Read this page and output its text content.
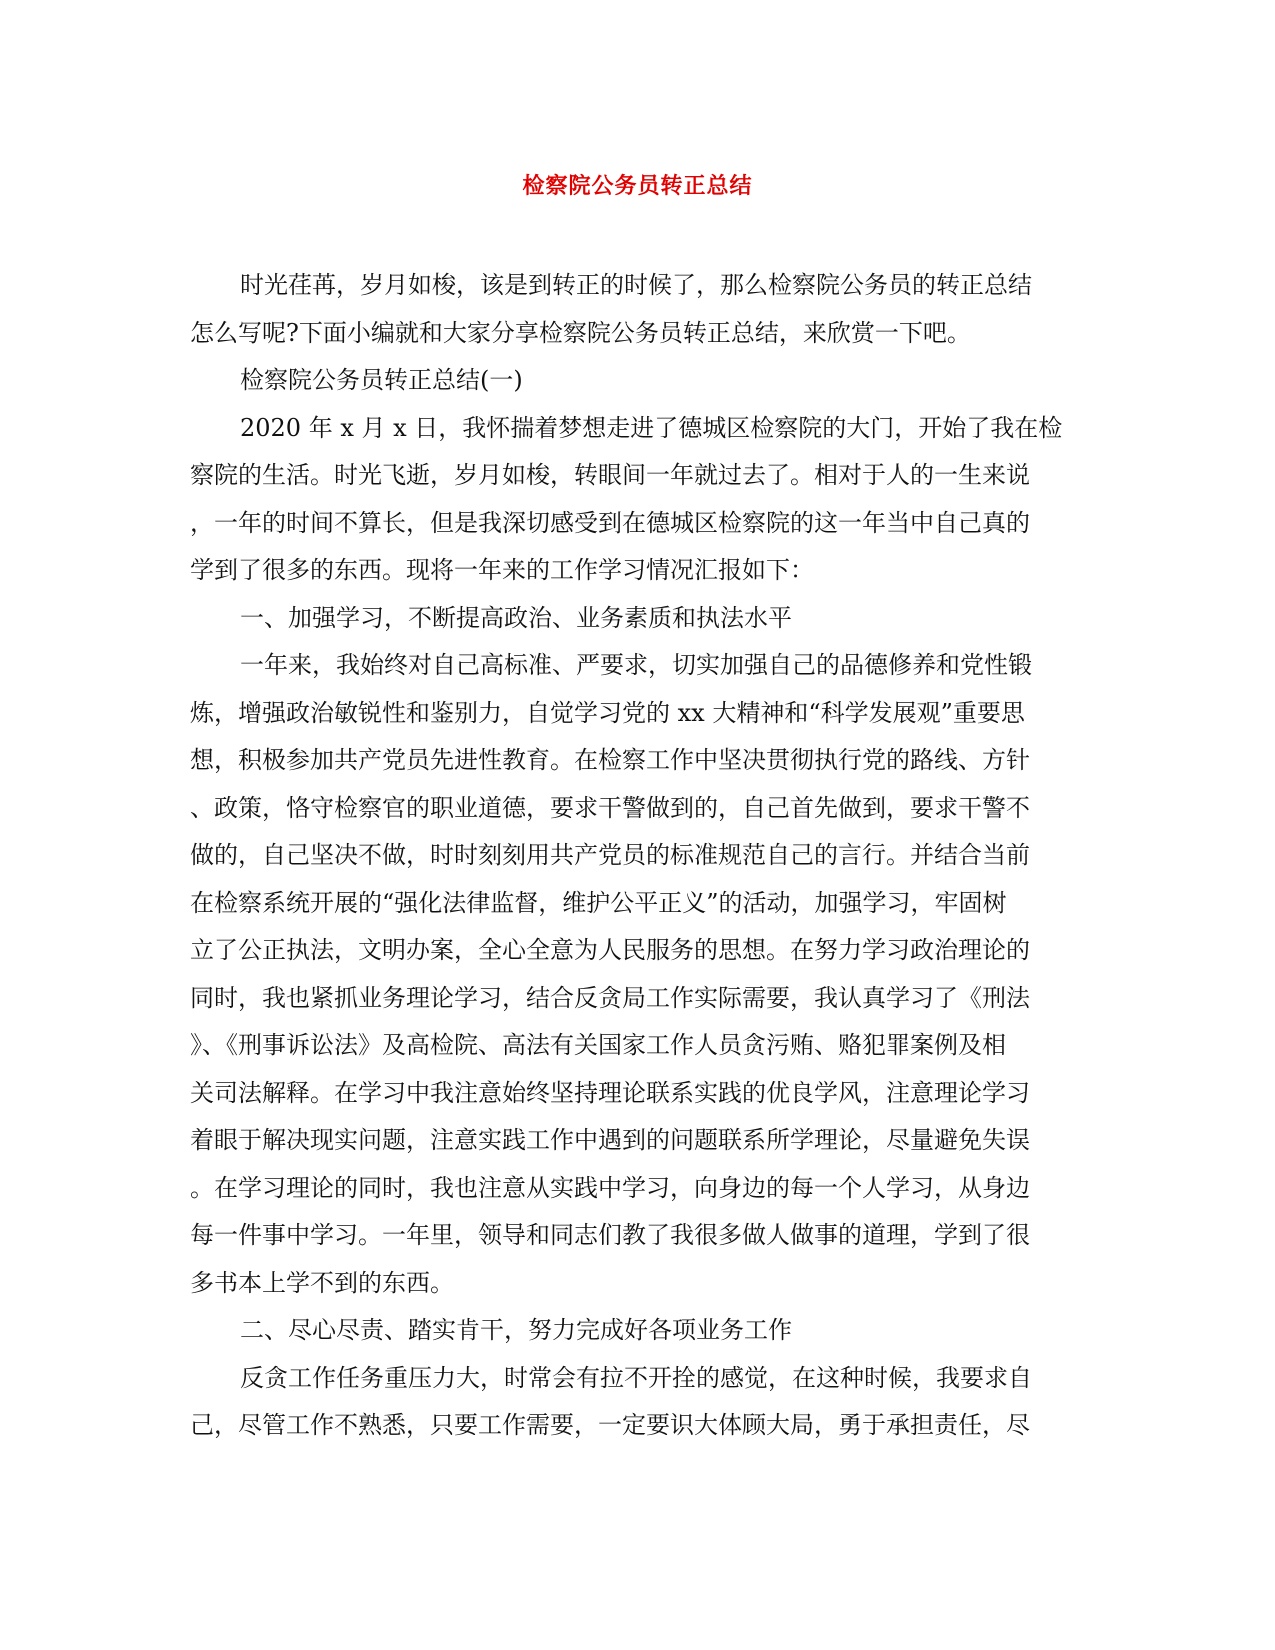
检察院公务员转正总结
时光荏苒，岁月如梭，该是到转正的时候了，那么检察院公务员的转正总结
怎么写呢?下面小编就和大家分享检察院公务员转正总结，来欣赏一下吧。
检察院公务员转正总结(一)
2020 年 x 月 x 日，我怀揣着梦想走进了德城区检察院的大门，开始了我在检
察院的生活。时光飞逝，岁月如梭，转眼间一年就过去了。相对于人的一生来说
，一年的时间不算长，但是我深切感受到在德城区检察院的这一年当中自己真的
学到了很多的东西。现将一年来的工作学习情况汇报如下：
一、加强学习，不断提高政治、业务素质和执法水平
一年来，我始终对自己高标准、严要求，切实加强自己的品德修养和党性锻
炼，增强政治敏锐性和鉴别力，自觉学习党的 xx 大精神和“科学发展观”重要思
想，积极参加共产党员先进性教育。在检察工作中坚决贯彻执行党的路线、方针
、政策，恪守检察官的职业道德，要求干警做到的，自己首先做到，要求干警不
做的，自己坚决不做，时时刻刻用共产党员的标准规范自己的言行。并结合当前
在检察系统开展的“强化法律监督，维护公平正义”的活动，加强学习，牢固树
立了公正执法，文明办案，全心全意为人民服务的思想。在努力学习政治理论的
同时，我也紧抓业务理论学习，结合反贪局工作实际需要，我认真学习了《刑法
》、《刑事诉讼法》及高检院、高法有关国家工作人员贪污贿、赂犯罪案例及相
关司法解释。在学习中我注意始终坚持理论联系实践的优良学风，注意理论学习
着眼于解决现实问题，注意实践工作中遇到的问题联系所学理论，尽量避免失误
。在学习理论的同时，我也注意从实践中学习，向身边的每一个人学习，从身边
每一件事中学习。一年里，领导和同志们教了我很多做人做事的道理，学到了很
多书本上学不到的东西。
二、尽心尽责、踏实肯干，努力完成好各项业务工作
反贪工作任务重压力大，时常会有拉不开拴的感觉，在这种时候，我要求自
己，尽管工作不熟悉，只要工作需要，一定要识大体顾大局，勇于承担责任，尽
